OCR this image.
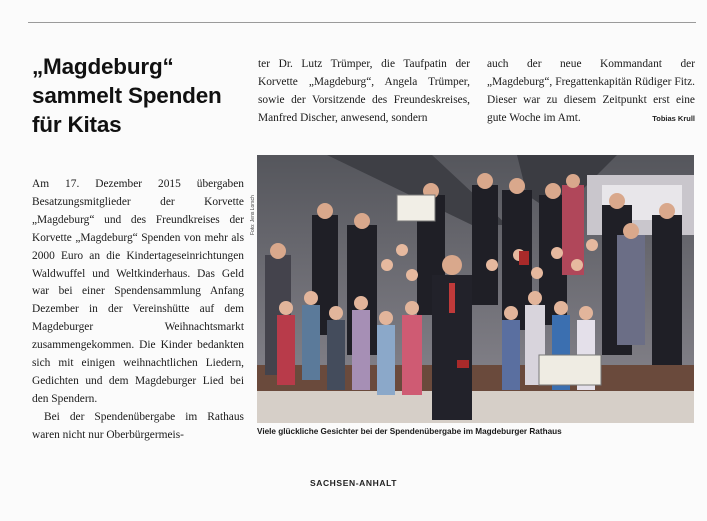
„Magdeburg“ sammelt Spenden für Kitas

Am 17. Dezember 2015 übergaben Besatzungsmitglieder der Korvette „Magdeburg“ und des Freundkreises der Korvette „Magdeburg“ Spenden von mehr als 2000 Euro an die Kindertageseinrichtungen Waldwuffel und Weltkinderhaus. Das Geld war bei einer Spendensammlung Anfang Dezember in der Vereinshütte auf dem Magdeburger Weihnachtsmarkt zusammengekommen. Die Kinder bedankten sich mit einigen weihnachtlichen Liedern, Gedichten und dem Magdeburger Lied bei den Spendern.

Bei der Spendenübergabe im Rathaus waren nicht nur Oberbürgermeis-

ter Dr. Lutz Trümper, die Taufpatin der Korvette „Magdeburg“, Angela Trümper, sowie der Vorsitzende des Freundeskreises, Manfred Discher, anwesend, sondern

auch der neue Kommandant der „Magdeburg“, Fregattenkapitän Rüdiger Fitz. Dieser war zu diesem Zeitpunkt erst eine gute Woche im Amt.	Tobias Krull
Foto: Jens Lorsch
Viele glückliche Gesichter bei der Spendenübergabe im Magdeburger Rathaus
SACHSEN-ANHALT
